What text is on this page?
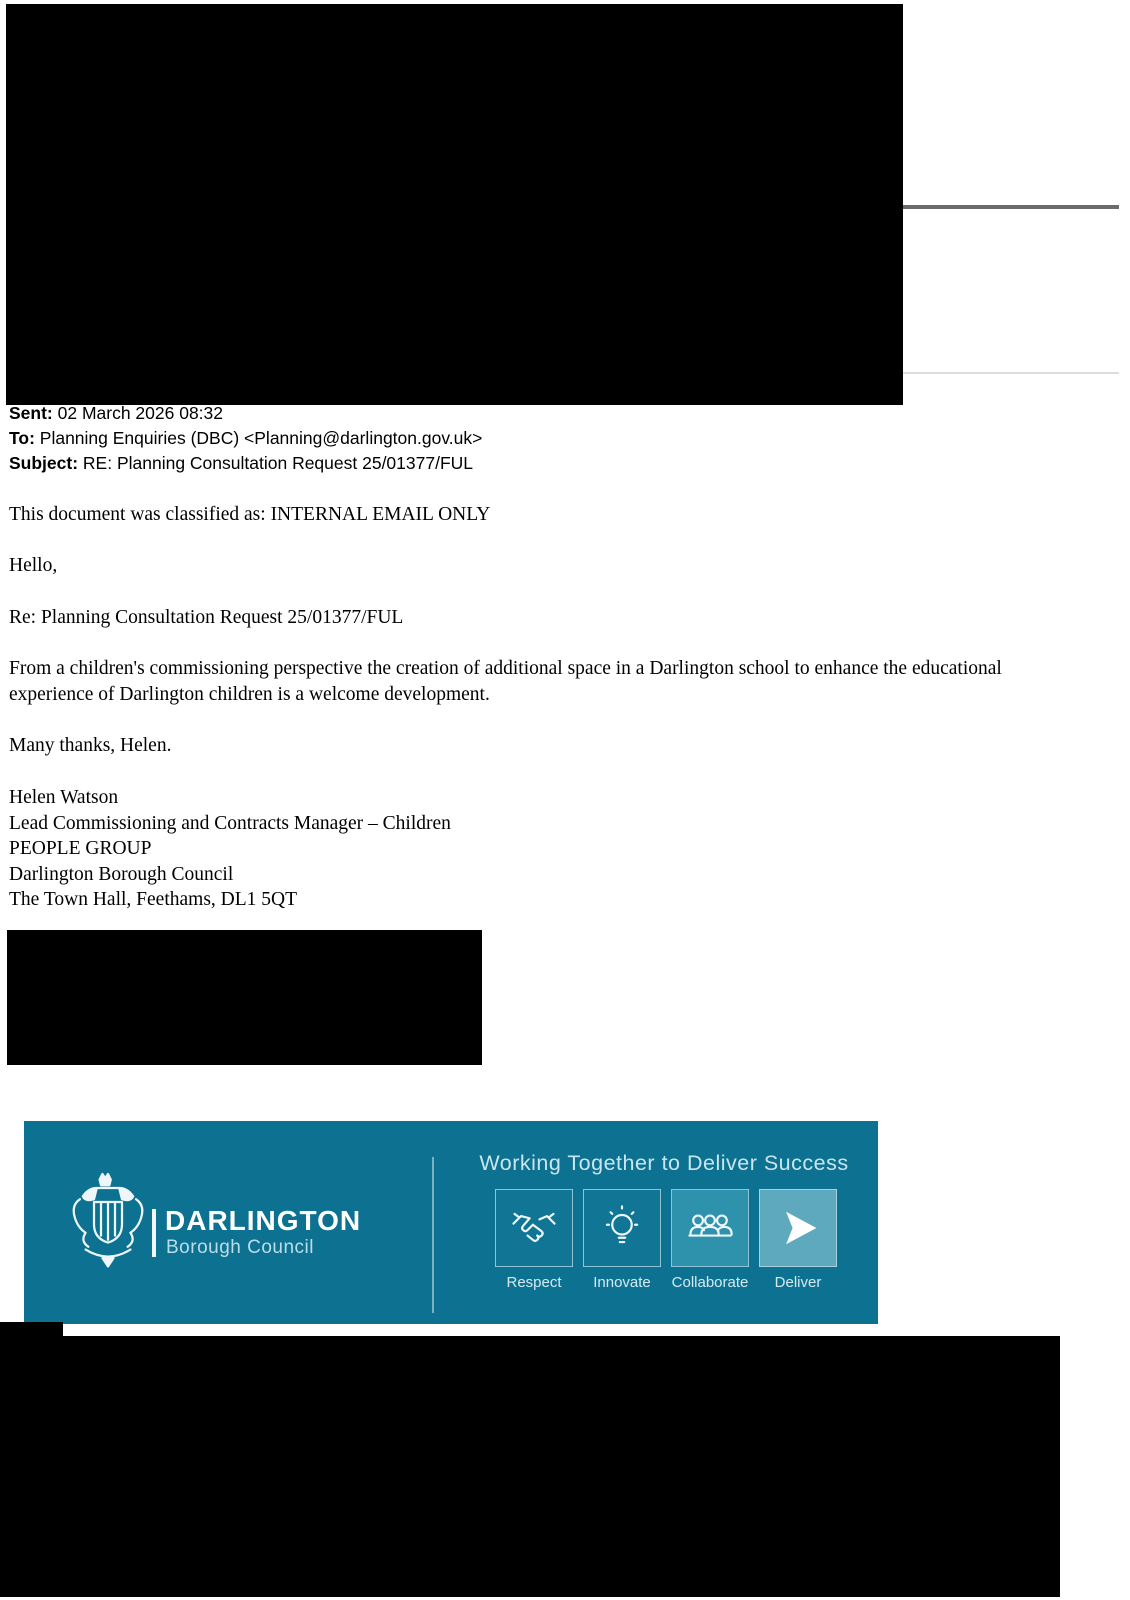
Sent: 02 March 2026 08:32
To: Planning Enquiries (DBC) <Planning@darlington.gov.uk>
Subject: RE: Planning Consultation Request 25/01377/FUL
This document was classified as: INTERNAL EMAIL ONLY
Hello,
Re: Planning Consultation Request 25/01377/FUL
From a children's commissioning perspective the creation of additional space in a Darlington school to enhance the educational experience of Darlington children is a welcome development.
Many thanks, Helen.
Helen Watson
Lead Commissioning and Contracts Manager – Children
PEOPLE GROUP
Darlington Borough Council
The Town Hall, Feethams, DL1 5QT
DARLINGTON
Borough Council
Working Together to Deliver Success
Respect Innovate Collaborate Deliver
